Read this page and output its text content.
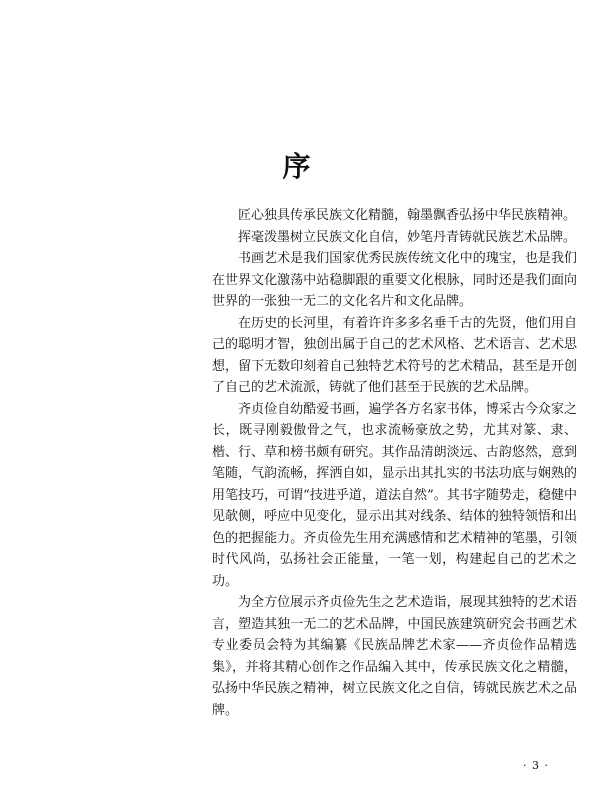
序

匠心独具传承民族文化精髓，翰墨飘香弘扬中华民族精神。

挥毫泼墨树立民族文化自信，妙笔丹青铸就民族艺术品牌。

书画艺术是我们国家优秀民族传统文化中的瑰宝，也是我们在世界文化激荡中站稳脚跟的重要文化根脉，同时还是我们面向世界的一张独一无二的文化名片和文化品牌。

在历史的长河里，有着许许多多名垂千古的先贤，他们用自己的聪明才智，独创出属于自己的艺术风格、艺术语言、艺术思想，留下无数印刻着自己独特艺术符号的艺术精品，甚至是开创了自己的艺术流派，铸就了他们甚至于民族的艺术品牌。

齐贞俭自幼酷爱书画，遍学各方名家书体，博采古今众家之长，既寻刚毅傲骨之气，也求流畅豪放之势，尤其对篆、隶、楷、行、草和榜书颇有研究。其作品清朗淡远、古韵悠然，意到笔随，气韵流畅，挥洒自如，显示出其扎实的书法功底与娴熟的用笔技巧，可谓“技进乎道，道法自然”。其书字随势走，稳健中见欹侧，呼应中见变化，显示出其对线条、结体的独特领悟和出色的把握能力。齐贞俭先生用充满感情和艺术精神的笔墨，引领时代风尚，弘扬社会正能量，一笔一划，构建起自己的艺术之功。

为全方位展示齐贞俭先生之艺术造诣，展现其独特的艺术语言，塑造其独一无二的艺术品牌，中国民族建筑研究会书画艺术专业委员会特为其编纂《民族品牌艺术家——齐贞俭作品精选集》，并将其精心创作之作品编入其中，传承民族文化之精髓，弘扬中华民族之精神，树立民族文化之自信，铸就民族艺术之品牌。

· 3 ·
